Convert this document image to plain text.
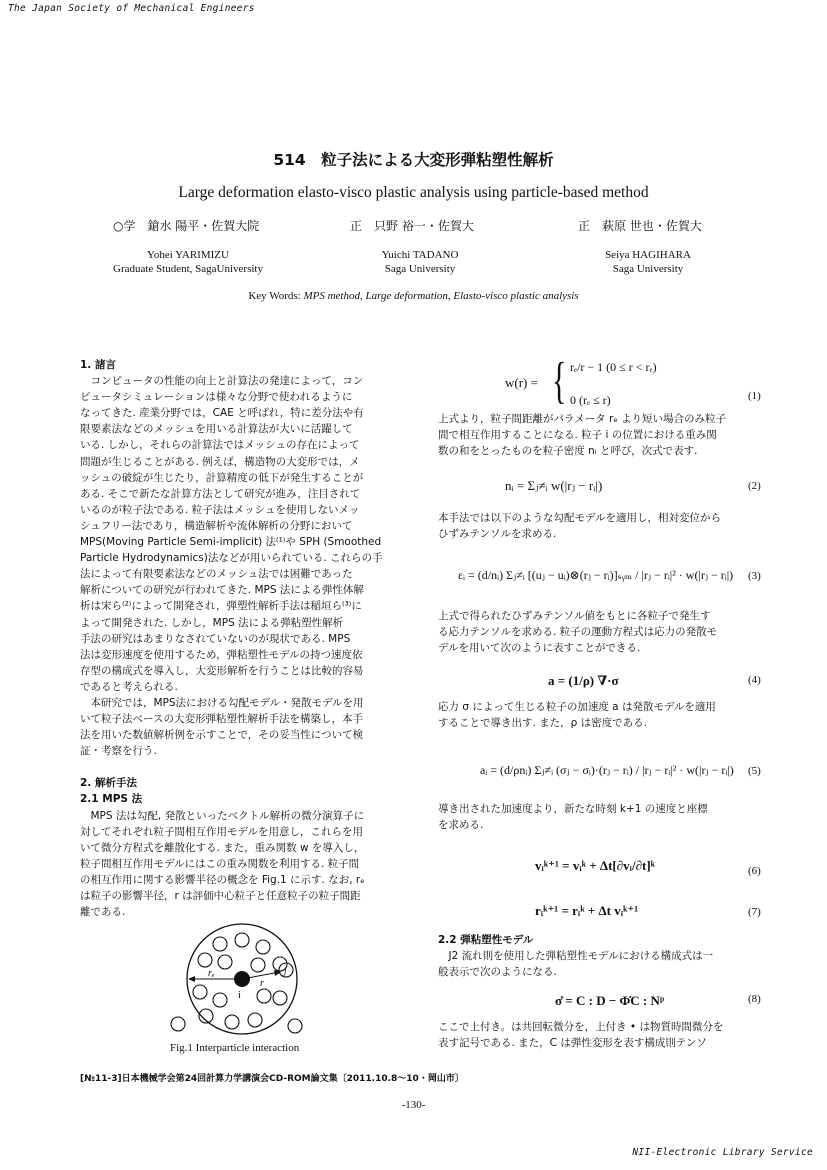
The Japan Society of Mechanical Engineers
NII-Electronic Library Service
514　粒子法による大変形弾粘塑性解析
Large deformation elasto-visco plastic analysis using particle-based method
○学　鎗水 陽平・佐賀大院	正　只野 裕一・佐賀大	正　萩原 世也・佐賀大
Yohei YARIMIZU
Graduate Student, SagaUniversity
Yuichi TADANO
Saga University
Seiya HAGIHARA
Saga University
Key Words: MPS method, Large deformation, Elasto-visco plastic analysis
1. 諸言
コンピュータの性能の向上と計算法の発達によって，コン
ピュータシミュレーションは様々な分野で使われるように
なってきた. 産業分野では，CAE と呼ばれ，特に差分法や有
限要素法などのメッシュを用いる計算法が大いに活躍して
いる. しかし，それらの計算法ではメッシュの存在によって
問題が生じることがある. 例えば，構造物の大変形では，メ
ッシュの破綻が生じたり，計算精度の低下が発生することが
ある. そこで新たな計算方法として研究が進み，注目されて
いるのが粒子法である. 粒子法はメッシュを使用しないメッ
シュフリー法であり，構造解析や流体解析の分野において
MPS(Moving Particle Semi-implicit) 法⁽¹⁾や SPH (Smoothed
Particle Hydrodynamics)法などが用いられている. これらの手
法によって有限要素法などのメッシュ法では困難であった
解析についての研究が行われてきた. MPS 法による弾性体解
析は宋ら⁽²⁾によって開発され，弾塑性解析手法は稲垣ら⁽³⁾に
よって開発された. しかし，MPS 法による弾粘塑性解析
手法の研究はあまりなされていないのが現状である. MPS
法は変形速度を使用するため，弾粘塑性モデルの持つ速度依
存型の構成式を導入し，大変形解析を行うことは比較的容易
であると考えられる.
本研究では，MPS法における勾配モデル・発散モデルを用
いて粒子法ベースの大変形弾粘塑性解析手法を構築し，本手
法を用いた数値解析例を示すことで，その妥当性について検
証・考察を行う.
2. 解析手法
2.1 MPS 法
MPS 法は勾配, 発散といったベクトル解析の微分演算子に
対してそれぞれ粒子間相互作用モデルを用意し，これらを用
いて微分方程式を離散化する. また，重み関数 w を導入し，
粒子間相互作用モデルにはこの重み関数を利用する. 粒子間
の相互作用に関する影響半径の概念を Fig.1 に示す. なお, rₑ
は粒子の影響半径，r は評価中心粒子と任意粒子の粒子間距
離である.
rₑ
r
i
j
Fig.1 Interparticle interaction
w(r) = { rₑ/r − 1 (0 ≤ r < rₑ)
0 (rₑ ≤ r)	(1)
上式より，粒子間距離がパラメータ rₑ より短い場合のみ粒子
間で相互作用することになる. 粒子 i の位置における重み関
数の和をとったものを粒子密度 nᵢ と呼び，次式で表す.
nᵢ = Σⱼ≠ᵢ w(|rⱼ − rᵢ|)	(2)
本手法では以下のような勾配モデルを適用し，相対変位から
ひずみテンソルを求める.
εᵢ = (d/nᵢ) Σⱼ≠ᵢ [(uⱼ − uᵢ)⊗(rⱼ − rᵢ)]ₛᵧₘ / |rⱼ − rᵢ|² · w(|rⱼ − rᵢ|) (3)
上式で得られたひずみテンソル値をもとに各粒子で発生す
る応力テンソルを求める. 粒子の運動方程式は応力の発散モ
デルを用いて次のように表すことができる.
a = (1/ρ) ∇·σ	(4)
応力 σ によって生じる粒子の加速度 a は発散モデルを適用
することで導き出す. また，ρ は密度である.
aᵢ = (d/ρnᵢ) Σⱼ≠ᵢ (σⱼ − σᵢ)·(rⱼ − rᵢ) / |rⱼ − rᵢ|² · w(|rⱼ − rᵢ|) (5)
導き出された加速度より，新たな時刻 k+1 の速度と座標
を求める.
vᵢᵏ⁺¹ = vᵢᵏ + Δt[∂vᵢ/∂t]ᵏ	(6)
rᵢᵏ⁺¹ = rᵢᵏ + Δt vᵢᵏ⁺¹	(7)
2.2 弾粘塑性モデル
J2 流れ則を使用した弾粘塑性モデルにおける構成式は一
般表示で次のようになる.
σ̊ = C : D − Φ̇C : Nᵖ	(8)
ここで上付き。は共回転微分を，上付き • は物質時間微分を
表す記号である. また，C は弾性変形を表す構成則テンソ
[№11-3]日本機械学会第24回計算力学講演会CD-ROM論文集〔2011.10.8〜10・岡山市〕
-130-
